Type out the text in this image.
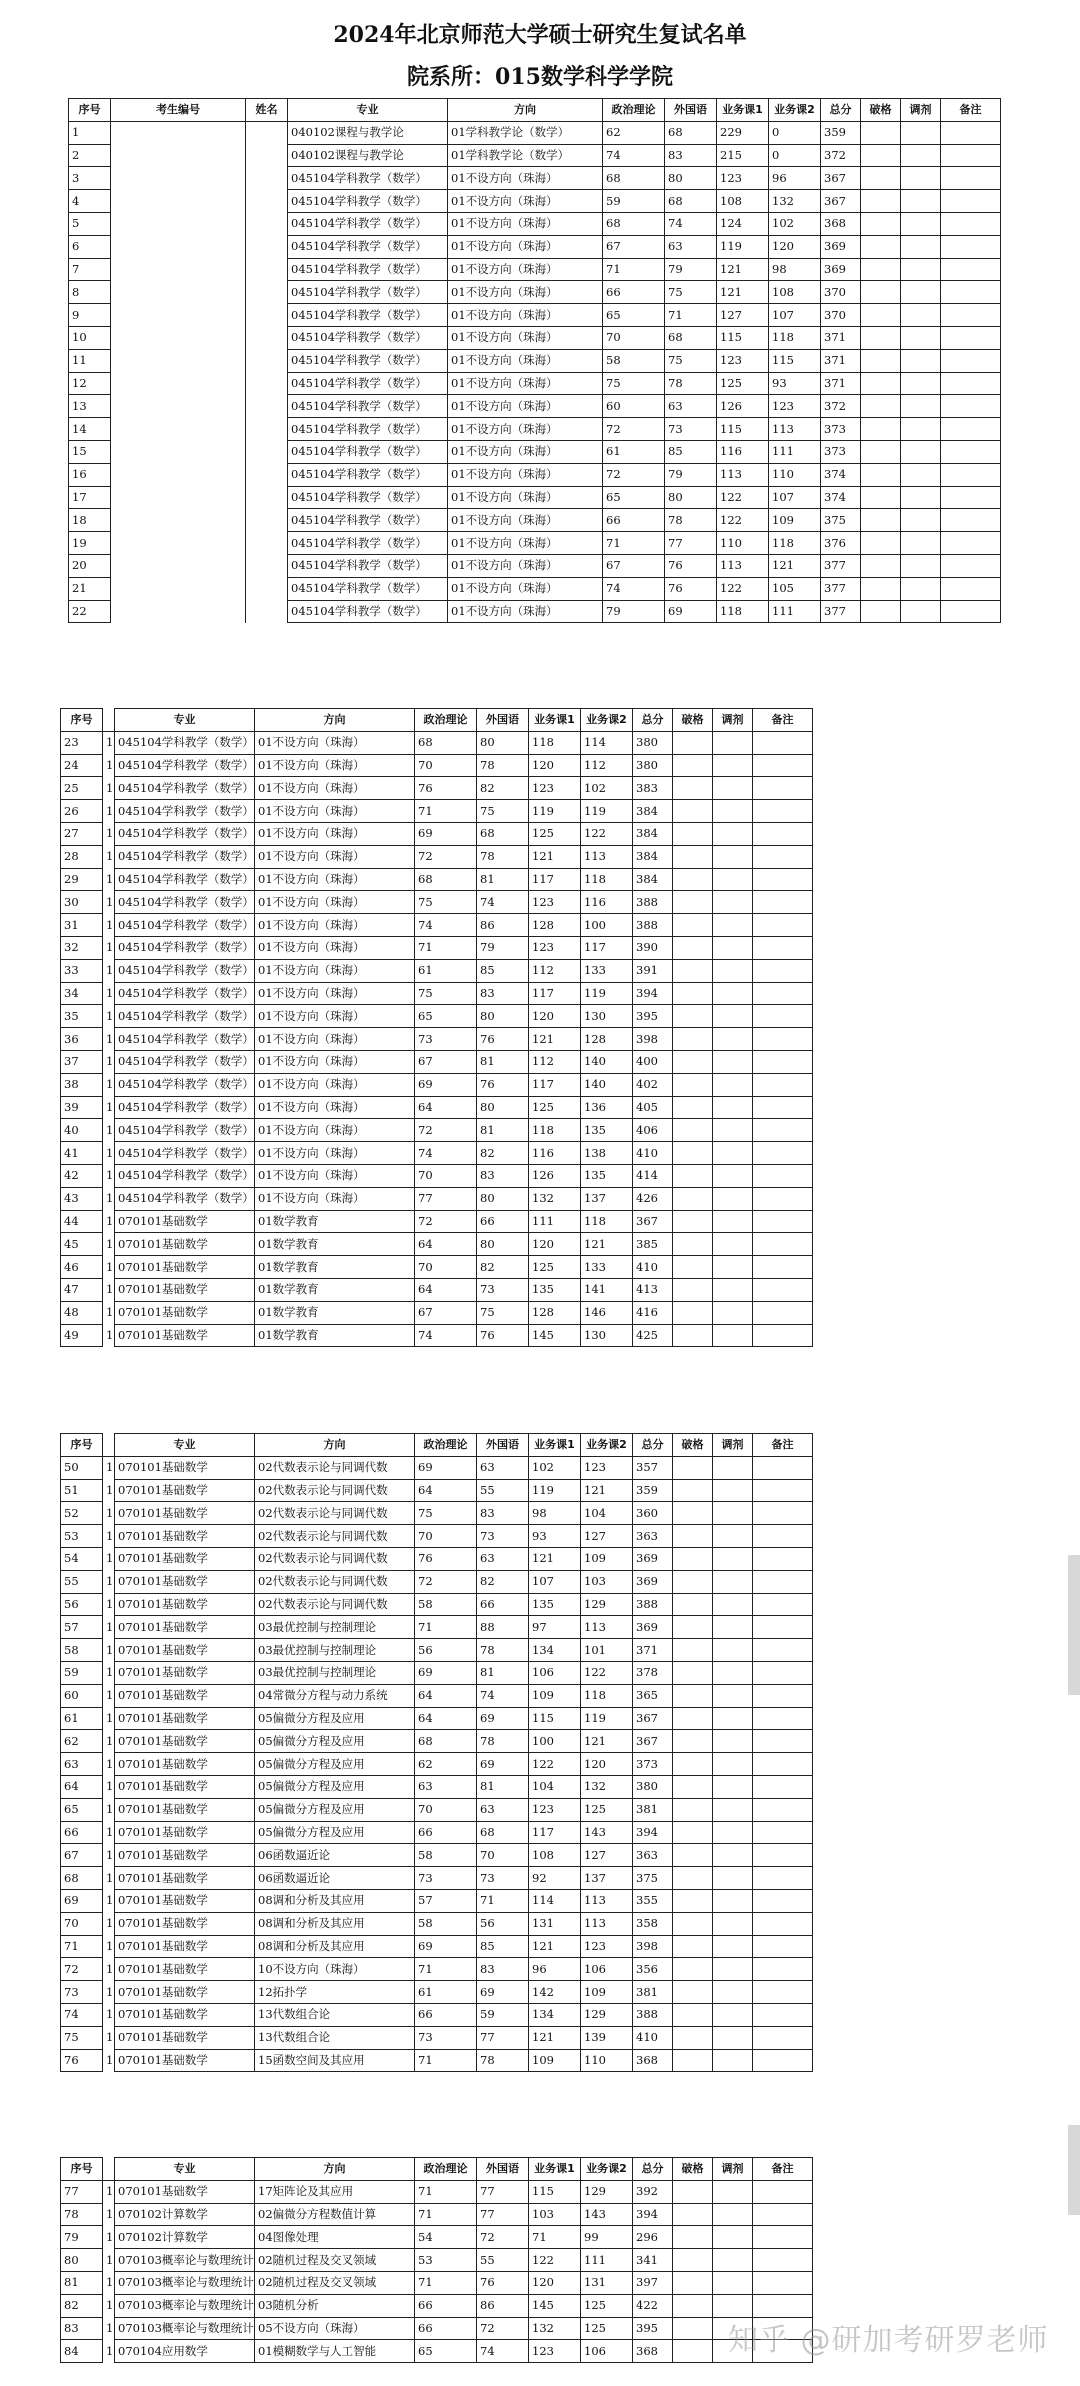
2024年北京师范大学硕士研究生复试名单
院系所：015数学科学学院
序号	考生编号	姓名	专业	方向	政治理论	外国语	业务课1	业务课2	总分	破格	调剂	备注
1			040102课程与教学论	01学科教学论（数学）	62	68	229	0	359			
2			040102课程与教学论	01学科教学论（数学）	74	83	215	0	372			
3			045104学科教学（数学）	01不设方向（珠海）	68	80	123	96	367			
4			045104学科教学（数学）	01不设方向（珠海）	59	68	108	132	367			
5			045104学科教学（数学）	01不设方向（珠海）	68	74	124	102	368			
6			045104学科教学（数学）	01不设方向（珠海）	67	63	119	120	369			
7			045104学科教学（数学）	01不设方向（珠海）	71	79	121	98	369			
8			045104学科教学（数学）	01不设方向（珠海）	66	75	121	108	370			
9			045104学科教学（数学）	01不设方向（珠海）	65	71	127	107	370			
10			045104学科教学（数学）	01不设方向（珠海）	70	68	115	118	371			
11			045104学科教学（数学）	01不设方向（珠海）	58	75	123	115	371			
12			045104学科教学（数学）	01不设方向（珠海）	75	78	125	93	371			
13			045104学科教学（数学）	01不设方向（珠海）	60	63	126	123	372			
14			045104学科教学（数学）	01不设方向（珠海）	72	73	115	113	373			
15			045104学科教学（数学）	01不设方向（珠海）	61	85	116	111	373			
16			045104学科教学（数学）	01不设方向（珠海）	72	79	113	110	374			
17			045104学科教学（数学）	01不设方向（珠海）	65	80	122	107	374			
18			045104学科教学（数学）	01不设方向（珠海）	66	78	122	109	375			
19			045104学科教学（数学）	01不设方向（珠海）	71	77	110	118	376			
20			045104学科教学（数学）	01不设方向（珠海）	67	76	113	121	377			
21			045104学科教学（数学）	01不设方向（珠海）	74	76	122	105	377			
22			045104学科教学（数学）	01不设方向（珠海）	79	69	118	111	377			
序号		专业	方向	政治理论	外国语	业务课1	业务课2	总分	破格	调剂	备注
23	1	045104学科教学（数学）	01不设方向（珠海）	68	80	118	114	380			
24	1	045104学科教学（数学）	01不设方向（珠海）	70	78	120	112	380			
25	1	045104学科教学（数学）	01不设方向（珠海）	76	82	123	102	383			
26	1	045104学科教学（数学）	01不设方向（珠海）	71	75	119	119	384			
27	1	045104学科教学（数学）	01不设方向（珠海）	69	68	125	122	384			
28	1	045104学科教学（数学）	01不设方向（珠海）	72	78	121	113	384			
29	1	045104学科教学（数学）	01不设方向（珠海）	68	81	117	118	384			
30	1	045104学科教学（数学）	01不设方向（珠海）	75	74	123	116	388			
31	1	045104学科教学（数学）	01不设方向（珠海）	74	86	128	100	388			
32	1	045104学科教学（数学）	01不设方向（珠海）	71	79	123	117	390			
33	1	045104学科教学（数学）	01不设方向（珠海）	61	85	112	133	391			
34	1	045104学科教学（数学）	01不设方向（珠海）	75	83	117	119	394			
35	1	045104学科教学（数学）	01不设方向（珠海）	65	80	120	130	395			
36	1	045104学科教学（数学）	01不设方向（珠海）	73	76	121	128	398			
37	1	045104学科教学（数学）	01不设方向（珠海）	67	81	112	140	400			
38	1	045104学科教学（数学）	01不设方向（珠海）	69	76	117	140	402			
39	1	045104学科教学（数学）	01不设方向（珠海）	64	80	125	136	405			
40	1	045104学科教学（数学）	01不设方向（珠海）	72	81	118	135	406			
41	1	045104学科教学（数学）	01不设方向（珠海）	74	82	116	138	410			
42	1	045104学科教学（数学）	01不设方向（珠海）	70	83	126	135	414			
43	1	045104学科教学（数学）	01不设方向（珠海）	77	80	132	137	426			
44	1	070101基础数学	01数学教育	72	66	111	118	367			
45	1	070101基础数学	01数学教育	64	80	120	121	385			
46	1	070101基础数学	01数学教育	70	82	125	133	410			
47	1	070101基础数学	01数学教育	64	73	135	141	413			
48	1	070101基础数学	01数学教育	67	75	128	146	416			
49	1	070101基础数学	01数学教育	74	76	145	130	425			
序号		专业	方向	政治理论	外国语	业务课1	业务课2	总分	破格	调剂	备注
50	1	070101基础数学	02代数表示论与同调代数	69	63	102	123	357			
51	1	070101基础数学	02代数表示论与同调代数	64	55	119	121	359			
52	1	070101基础数学	02代数表示论与同调代数	75	83	98	104	360			
53	1	070101基础数学	02代数表示论与同调代数	70	73	93	127	363			
54	1	070101基础数学	02代数表示论与同调代数	76	63	121	109	369			
55	1	070101基础数学	02代数表示论与同调代数	72	82	107	103	369			
56	1	070101基础数学	02代数表示论与同调代数	58	66	135	129	388			
57	1	070101基础数学	03最优控制与控制理论	71	88	97	113	369			
58	1	070101基础数学	03最优控制与控制理论	56	78	134	101	371			
59	1	070101基础数学	03最优控制与控制理论	69	81	106	122	378			
60	1	070101基础数学	04常微分方程与动力系统	64	74	109	118	365			
61	1	070101基础数学	05偏微分方程及应用	64	69	115	119	367			
62	1	070101基础数学	05偏微分方程及应用	68	78	100	121	367			
63	1	070101基础数学	05偏微分方程及应用	62	69	122	120	373			
64	1	070101基础数学	05偏微分方程及应用	63	81	104	132	380			
65	1	070101基础数学	05偏微分方程及应用	70	63	123	125	381			
66	1	070101基础数学	05偏微分方程及应用	66	68	117	143	394			
67	1	070101基础数学	06函数逼近论	58	70	108	127	363			
68	1	070101基础数学	06函数逼近论	73	73	92	137	375			
69	1	070101基础数学	08调和分析及其应用	57	71	114	113	355			
70	1	070101基础数学	08调和分析及其应用	58	56	131	113	358			
71	1	070101基础数学	08调和分析及其应用	69	85	121	123	398			
72	1	070101基础数学	10不设方向（珠海）	71	83	96	106	356			
73	1	070101基础数学	12拓扑学	61	69	142	109	381			
74	1	070101基础数学	13代数组合论	66	59	134	129	388			
75	1	070101基础数学	13代数组合论	73	77	121	139	410			
76	1	070101基础数学	15函数空间及其应用	71	78	109	110	368			
序号		专业	方向	政治理论	外国语	业务课1	业务课2	总分	破格	调剂	备注
77	1	070101基础数学	17矩阵论及其应用	71	77	115	129	392			
78	1	070102计算数学	02偏微分方程数值计算	71	77	103	143	394			
79	1	070102计算数学	04图像处理	54	72	71	99	296			
80	1	070103概率论与数理统计	02随机过程及交叉领域	53	55	122	111	341			
81	1	070103概率论与数理统计	02随机过程及交叉领域	71	76	120	131	397			
82	1	070103概率论与数理统计	03随机分析	66	86	145	125	422			
83	1	070103概率论与数理统计	05不设方向（珠海）	66	72	132	125	395			
84	1	070104应用数学	01模糊数学与人工智能	65	74	123	106	368			知乎 @研加考研罗老师
